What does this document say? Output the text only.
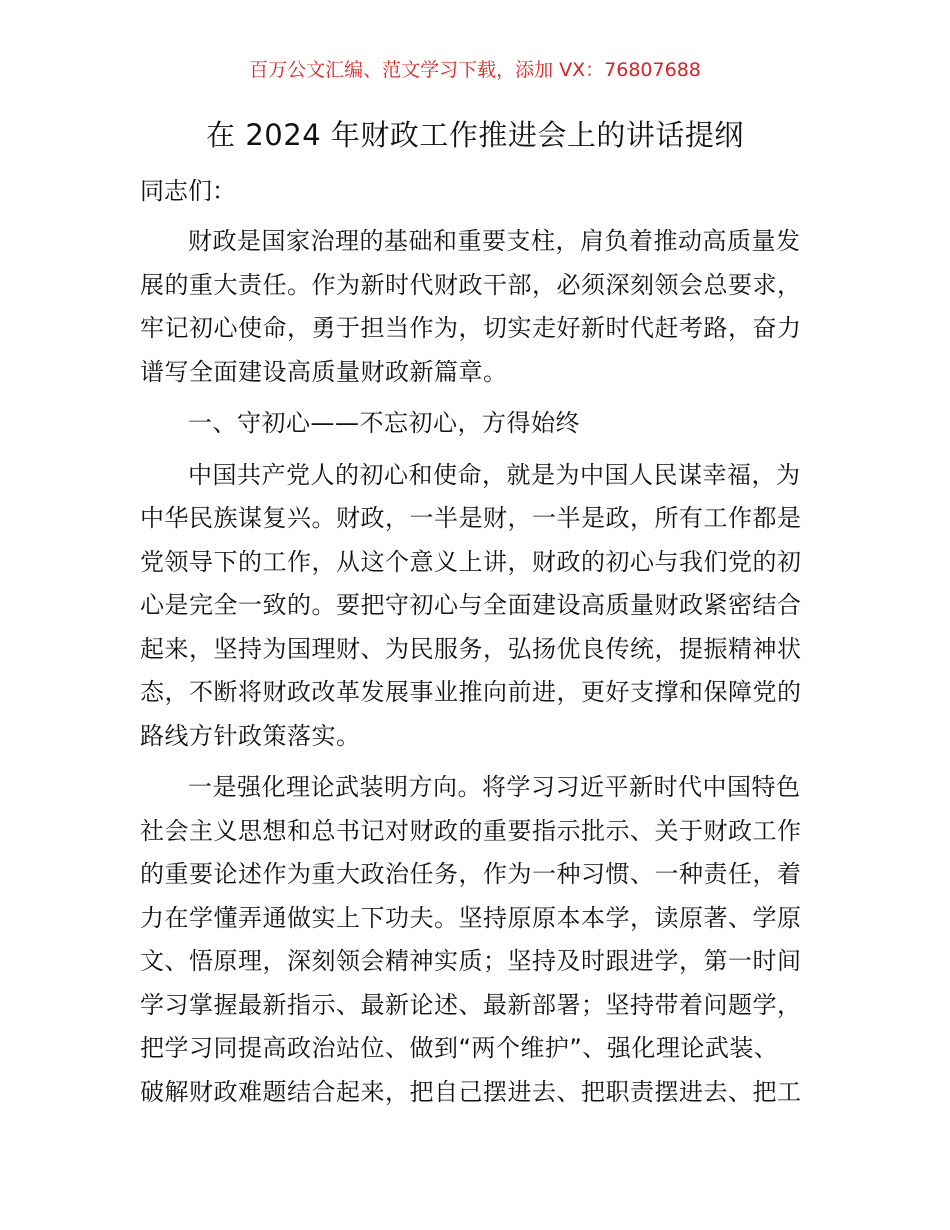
百万公文汇编、范文学习下载，添加 VX：76807688
在 2024 年财政工作推进会上的讲话提纲
同志们：
财政是国家治理的基础和重要支柱，肩负着推动高质量发
展的重大责任。作为新时代财政干部，必须深刻领会总要求，
牢记初心使命，勇于担当作为，切实走好新时代赶考路，奋力
谱写全面建设高质量财政新篇章。
一、守初心——不忘初心，方得始终
中国共产党人的初心和使命，就是为中国人民谋幸福，为
中华民族谋复兴。财政，一半是财，一半是政，所有工作都是
党领导下的工作，从这个意义上讲，财政的初心与我们党的初
心是完全一致的。要把守初心与全面建设高质量财政紧密结合
起来，坚持为国理财、为民服务，弘扬优良传统，提振精神状
态，不断将财政改革发展事业推向前进，更好支撑和保障党的
路线方针政策落实。
一是强化理论武装明方向。将学习习近平新时代中国特色
社会主义思想和总书记对财政的重要指示批示、关于财政工作
的重要论述作为重大政治任务，作为一种习惯、一种责任，着
力在学懂弄通做实上下功夫。坚持原原本本学，读原著、学原
文、悟原理，深刻领会精神实质；坚持及时跟进学，第一时间
学习掌握最新指示、最新论述、最新部署；坚持带着问题学，
把学习同提高政治站位、做到“两个维护”、强化理论武装、
破解财政难题结合起来，把自己摆进去、把职责摆进去、把工
